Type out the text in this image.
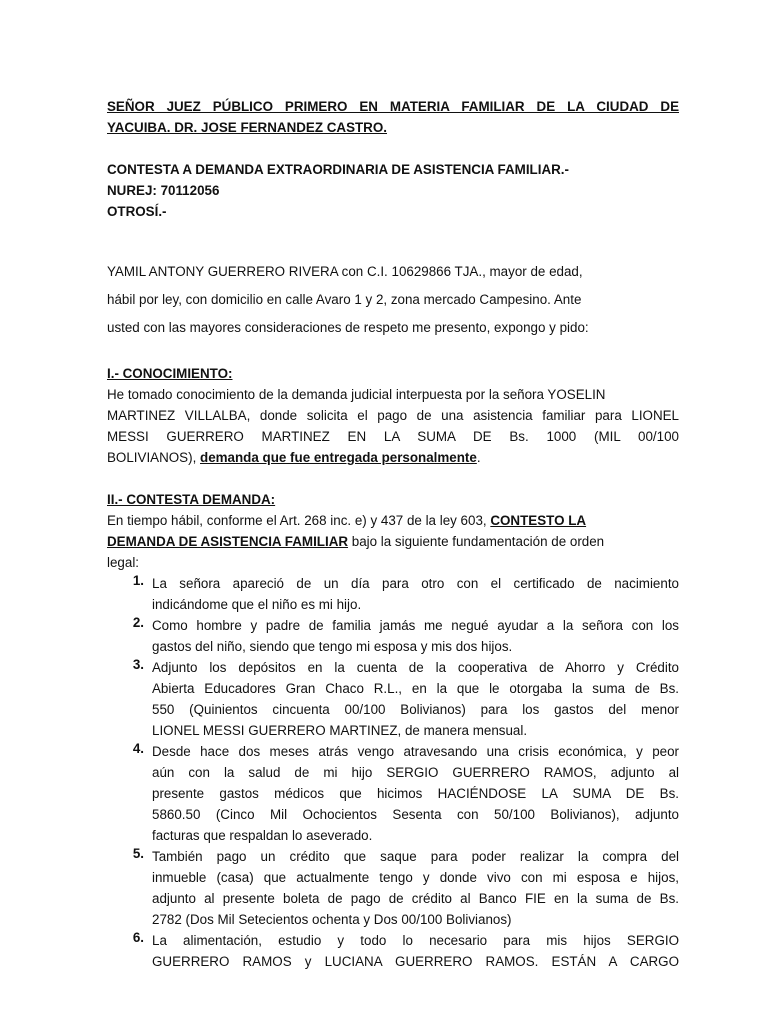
SEÑOR JUEZ PÚBLICO PRIMERO EN MATERIA FAMILIAR DE LA CIUDAD DE
YACUIBA. DR. JOSE FERNANDEZ CASTRO.
CONTESTA A DEMANDA EXTRAORDINARIA DE ASISTENCIA FAMILIAR.-
NUREJ: 70112056
OTROSÍ.-
YAMIL ANTONY GUERRERO RIVERA con C.I. 10629866 TJA., mayor de edad,
hábil por ley, con domicilio en calle Avaro 1 y 2, zona mercado Campesino. Ante
usted con las mayores consideraciones de respeto me presento, expongo y pido:
I.- CONOCIMIENTO:
He tomado conocimiento de la demanda judicial interpuesta por la señora YOSELIN
MARTINEZ VILLALBA, donde solicita el pago de una asistencia familiar para LIONEL
MESSI GUERRERO MARTINEZ EN LA SUMA DE Bs. 1000 (MIL 00/100
BOLIVIANOS), demanda que fue entregada personalmente.
II.- CONTESTA DEMANDA:
En tiempo hábil, conforme el Art. 268 inc. e) y 437 de la ley 603, CONTESTO LA
DEMANDA DE ASISTENCIA FAMILIAR bajo la siguiente fundamentación de orden
legal:
1. La señora apareció de un día para otro con el certificado de nacimiento
indicándome que el niño es mi hijo.
2. Como hombre y padre de familia jamás me negué ayudar a la señora con los
gastos del niño, siendo que tengo mi esposa y mis dos hijos.
3. Adjunto los depósitos en la cuenta de la cooperativa de Ahorro y Crédito
Abierta Educadores Gran Chaco R.L., en la que le otorgaba la suma de Bs.
550 (Quinientos cincuenta 00/100 Bolivianos) para los gastos del menor
LIONEL MESSI GUERRERO MARTINEZ, de manera mensual.
4. Desde hace dos meses atrás vengo atravesando una crisis económica, y peor
aún con la salud de mi hijo SERGIO GUERRERO RAMOS, adjunto al
presente gastos médicos que hicimos HACIÉNDOSE LA SUMA DE Bs.
5860.50 (Cinco Mil Ochocientos Sesenta con 50/100 Bolivianos), adjunto
facturas que respaldan lo aseverado.
5. También pago un crédito que saque para poder realizar la compra del
inmueble (casa) que actualmente tengo y donde vivo con mi esposa e hijos,
adjunto al presente boleta de pago de crédito al Banco FIE en la suma de Bs.
2782 (Dos Mil Setecientos ochenta y Dos 00/100 Bolivianos)
6. La alimentación, estudio y todo lo necesario para mis hijos SERGIO
GUERRERO RAMOS y LUCIANA GUERRERO RAMOS. ESTÁN A CARGO
